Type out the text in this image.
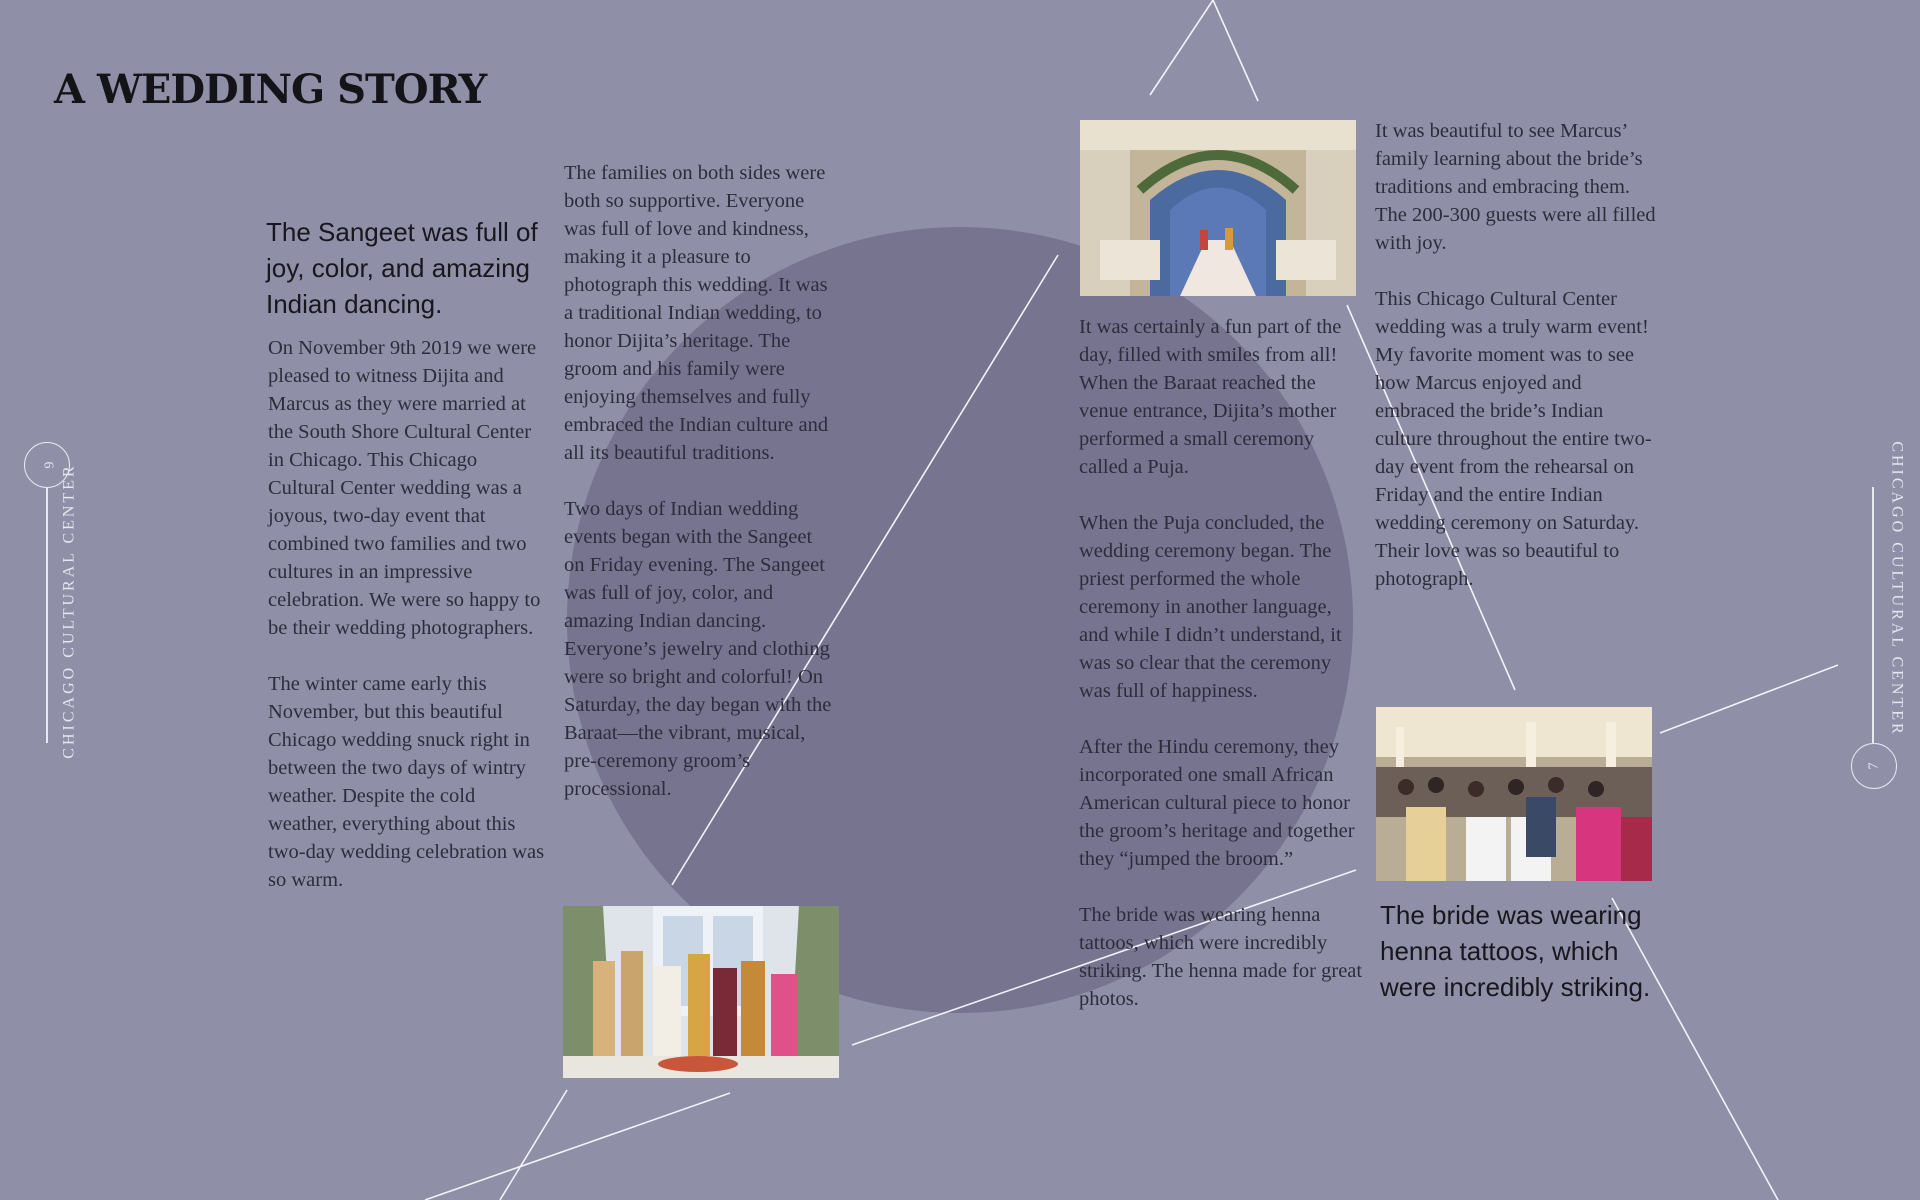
A WEDDING STORY
6 CHICAGO CULTURAL CENTER
7
CHICAGO CULTURAL CENTER

The Sangeet was full of joy, color, and amazing Indian dancing.

On November 9th 2019 we were pleased to witness Dijita and Marcus as they were married at the South Shore Cultural Center in Chicago. This Chicago Cultural Center wedding was a joyous, two-day event that combined two families and two cultures in an impressive celebration. We were so happy to be their wedding photographers.

The winter came early this November, but this beautiful Chicago wedding snuck right in between the two days of wintry weather. Despite the cold weather, everything about this two-day wedding celebration was so warm.

The families on both sides were both so supportive. Everyone was full of love and kindness, making it a pleasure to photograph this wedding. It was a traditional Indian wedding, to honor Dijita’s heritage. The groom and his family were enjoying themselves and fully embraced the Indian culture and all its beautiful traditions.

Two days of Indian wedding events began with the Sangeet on Friday evening. The Sangeet was full of joy, color, and amazing Indian dancing. Everyone’s jewelry and clothing were so bright and colorful! On Saturday, the day began with the Baraat—the vibrant, musical, pre-ceremony groom’s processional.

It was certainly a fun part of the day, filled with smiles from all! When the Baraat reached the venue entrance, Dijita’s mother performed a small ceremony called a Puja.

When the Puja concluded, the wedding ceremony began. The priest performed the whole ceremony in another language, and while I didn’t understand, it was so clear that the ceremony was full of happiness.

After the Hindu ceremony, they incorporated one small African American cultural piece to honor the groom’s heritage and together they “jumped the broom.”

The bride was wearing henna tattoos, which were incredibly striking. The henna made for great photos.

It was beautiful to see Marcus’ family learning about the bride’s traditions and embracing them. The 200-300 guests were all filled with joy.

This Chicago Cultural Center wedding was a truly warm event! My favorite moment was to see how Marcus enjoyed and embraced the bride’s Indian culture throughout the entire two-day event from the rehearsal on Friday and the entire Indian wedding ceremony on Saturday. Their love was so beautiful to photograph.

The bride was wearing henna tattoos, which were incredibly striking.
